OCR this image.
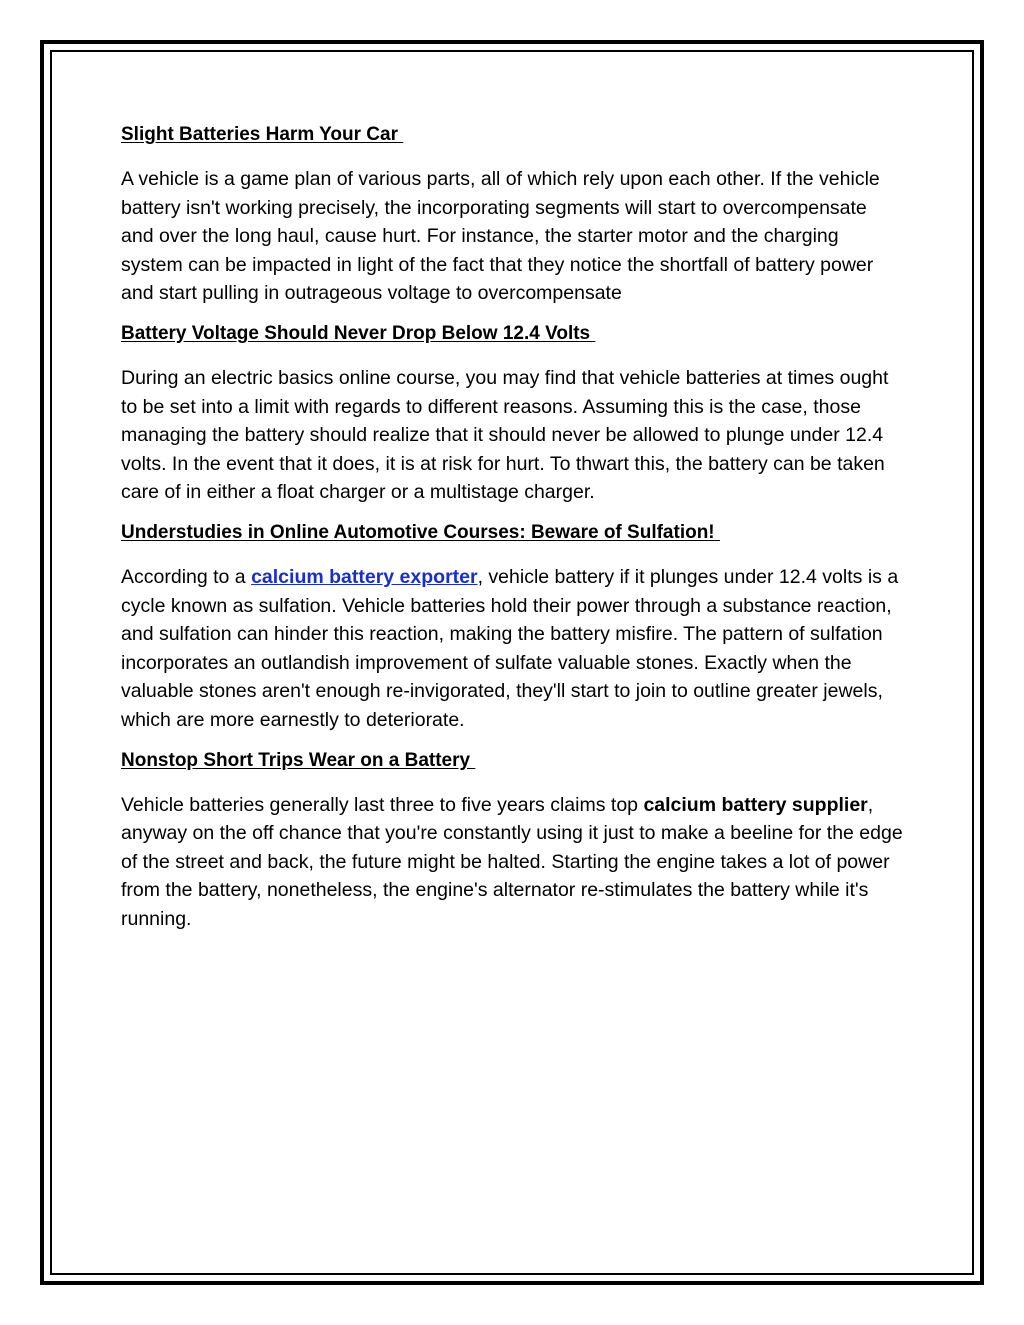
Slight Batteries Harm Your Car

A vehicle is a game plan of various parts, all of which rely upon each other. If the vehicle battery isn't working precisely, the incorporating segments will start to overcompensate and over the long haul, cause hurt. For instance, the starter motor and the charging system can be impacted in light of the fact that they notice the shortfall of battery power and start pulling in outrageous voltage to overcompensate

Battery Voltage Should Never Drop Below 12.4 Volts

During an electric basics online course, you may find that vehicle batteries at times ought to be set into a limit with regards to different reasons. Assuming this is the case, those managing the battery should realize that it should never be allowed to plunge under 12.4 volts. In the event that it does, it is at risk for hurt. To thwart this, the battery can be taken care of in either a float charger or a multistage charger.

Understudies in Online Automotive Courses: Beware of Sulfation!

According to a calcium battery exporter, vehicle battery if it plunges under 12.4 volts is a cycle known as sulfation. Vehicle batteries hold their power through a substance reaction, and sulfation can hinder this reaction, making the battery misfire. The pattern of sulfation incorporates an outlandish improvement of sulfate valuable stones. Exactly when the valuable stones aren't enough re-invigorated, they'll start to join to outline greater jewels, which are more earnestly to deteriorate.

Nonstop Short Trips Wear on a Battery

Vehicle batteries generally last three to five years claims top calcium battery supplier, anyway on the off chance that you're constantly using it just to make a beeline for the edge of the street and back, the future might be halted. Starting the engine takes a lot of power from the battery, nonetheless, the engine's alternator re-stimulates the battery while it's running.
